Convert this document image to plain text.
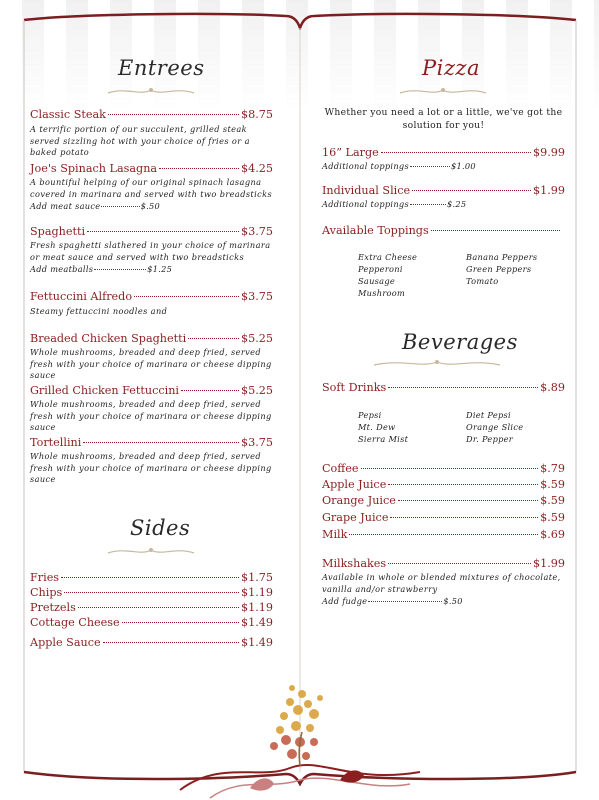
Entrees
Classic Steak	$8.75
A terrific portion of our succulent, grilled steak served sizzling hot with your choice of fries or a baked potato
Joe's Spinach Lasagna	$4.25
A bountiful helping of our original spinach lasagna covered in marinara and served with two breadsticks
Add meat sauce	$.50
Spaghetti	$3.75
Fresh spaghetti slathered in your choice of marinara or meat sauce and served with two breadsticks
Add meatballs	$1.25
Fettuccini Alfredo	$3.75
Steamy fettuccini noodles and
Breaded Chicken Spaghetti	$5.25
Whole mushrooms, breaded and deep fried, served fresh with your choice of marinara or cheese dipping sauce
Grilled Chicken Fettuccini	$5.25
Whole mushrooms, breaded and deep fried, served fresh with your choice of marinara or cheese dipping sauce
Tortellini	$3.75
Whole mushrooms, breaded and deep fried, served fresh with your choice of marinara or cheese dipping sauce
Sides
Fries	$1.75
Chips	$1.19
Pretzels	$1.19
Cottage Cheese	$1.49
Apple Sauce	$1.49
Pizza
Whether you need a lot or a little, we've got the solution for you!
16” Large	$9.99
Additional toppings	$1.00
Individual Slice	$1.99
Additional toppings	$.25
Available Toppings
Extra Cheese
Pepperoni
Sausage
Mushroom
Banana Peppers
Green Peppers
Tomato
Beverages
Soft Drinks	$.89
Pepsi
Mt. Dew
Sierra Mist
Diet Pepsi
Orange Slice
Dr. Pepper
Coffee	$.79
Apple Juice	$.59
Orange Juice	$.59
Grape Juice	$.59
Milk	$.69
Milkshakes	$1.99
Available in whole or blended mixtures of chocolate, vanilla and/or strawberry
Add fudge	$.50
